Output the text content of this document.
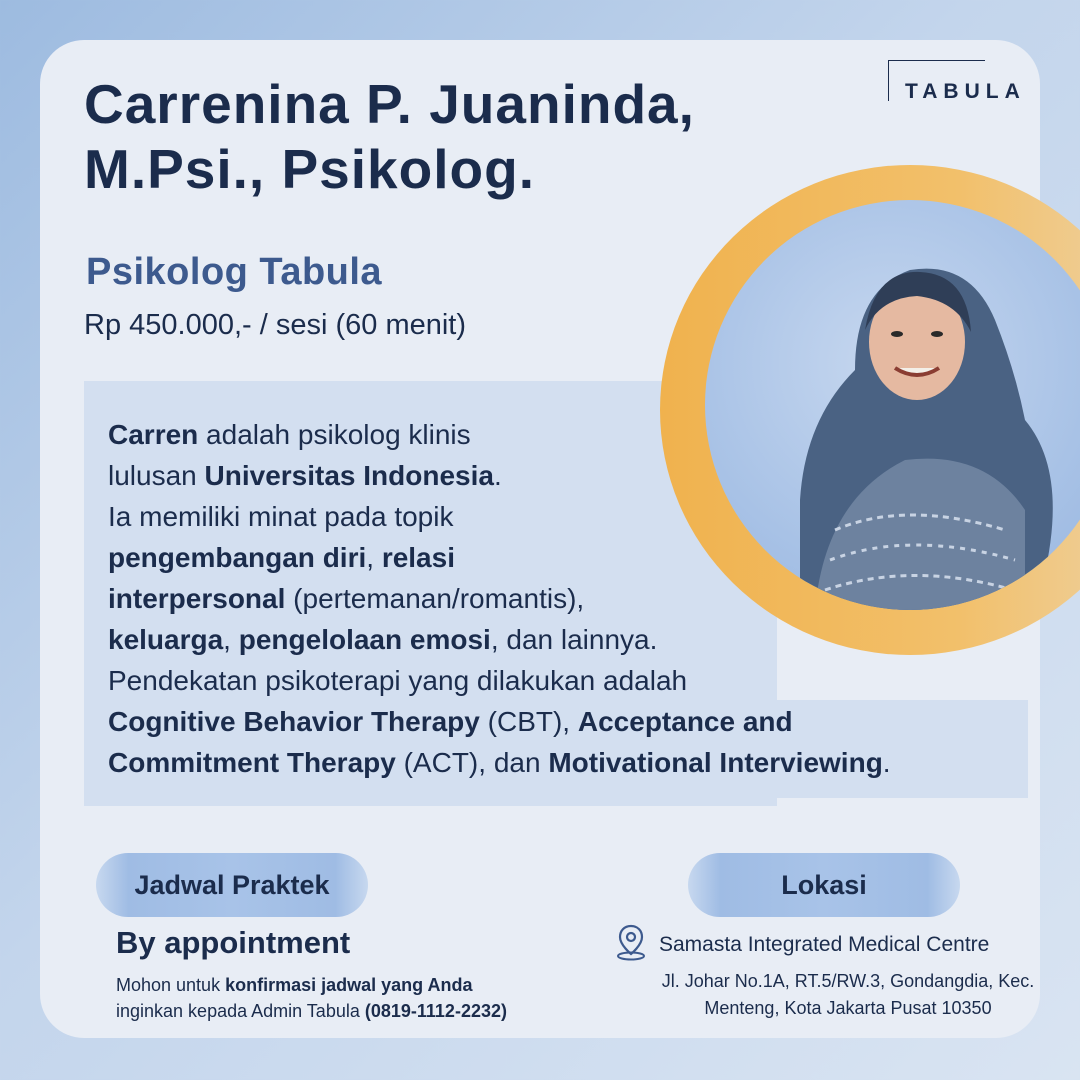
TABULA
Carrenina P. Juaninda,
M.Psi., Psikolog.
Psikolog Tabula
Rp 450.000,- / sesi (60 menit)

Carren adalah psikolog klinis
lulusan Universitas Indonesia.
Ia memiliki minat pada topik
pengembangan diri, relasi
interpersonal (pertemanan/romantis),
keluarga, pengelolaan emosi, dan lainnya.
Pendekatan psikoterapi yang dilakukan adalah
Cognitive Behavior Therapy (CBT), Acceptance and
Commitment Therapy (ACT), dan Motivational Interviewing.

Jadwal Praktek
By appointment
Mohon untuk konfirmasi jadwal yang Anda
inginkan kepada Admin Tabula (0819-1112-2232)
Lokasi
Samasta Integrated Medical Centre
Jl. Johar No.1A, RT.5/RW.3, Gondangdia, Kec.
Menteng, Kota Jakarta Pusat 10350
